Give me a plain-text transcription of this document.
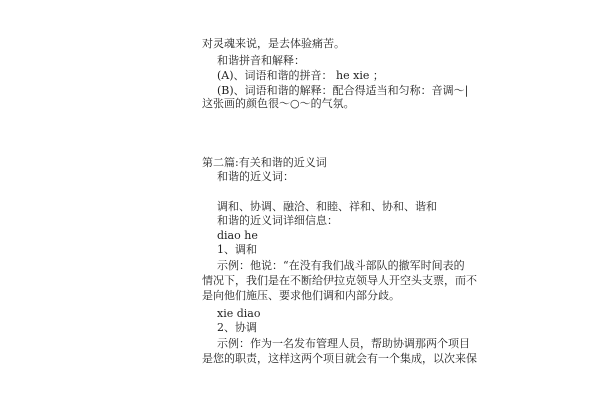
对灵魂来说，是去体验痛苦。
和谐拼音和解释：
(A)、词语和谐的拼音： he xie ；
(B)、词语和谐的解释：配合得适当和匀称：音调～|
这张画的颜色很～○～的气氛。
第二篇:有关和谐的近义词
和谐的近义词：
调和、协调、融洽、和睦、祥和、协和、谐和
和谐的近义词详细信息：
diao he
1、调和
示例：他说：“在没有我们战斗部队的撤军时间表的
情况下，我们是在不断给伊拉克领导人开空头支票，而不
是向他们施压、要求他们调和内部分歧。
xie diao
2、协调
示例：作为一名发布管理人员，帮助协调那两个项目
是您的职责，这样这两个项目就会有一个集成，以次来保
